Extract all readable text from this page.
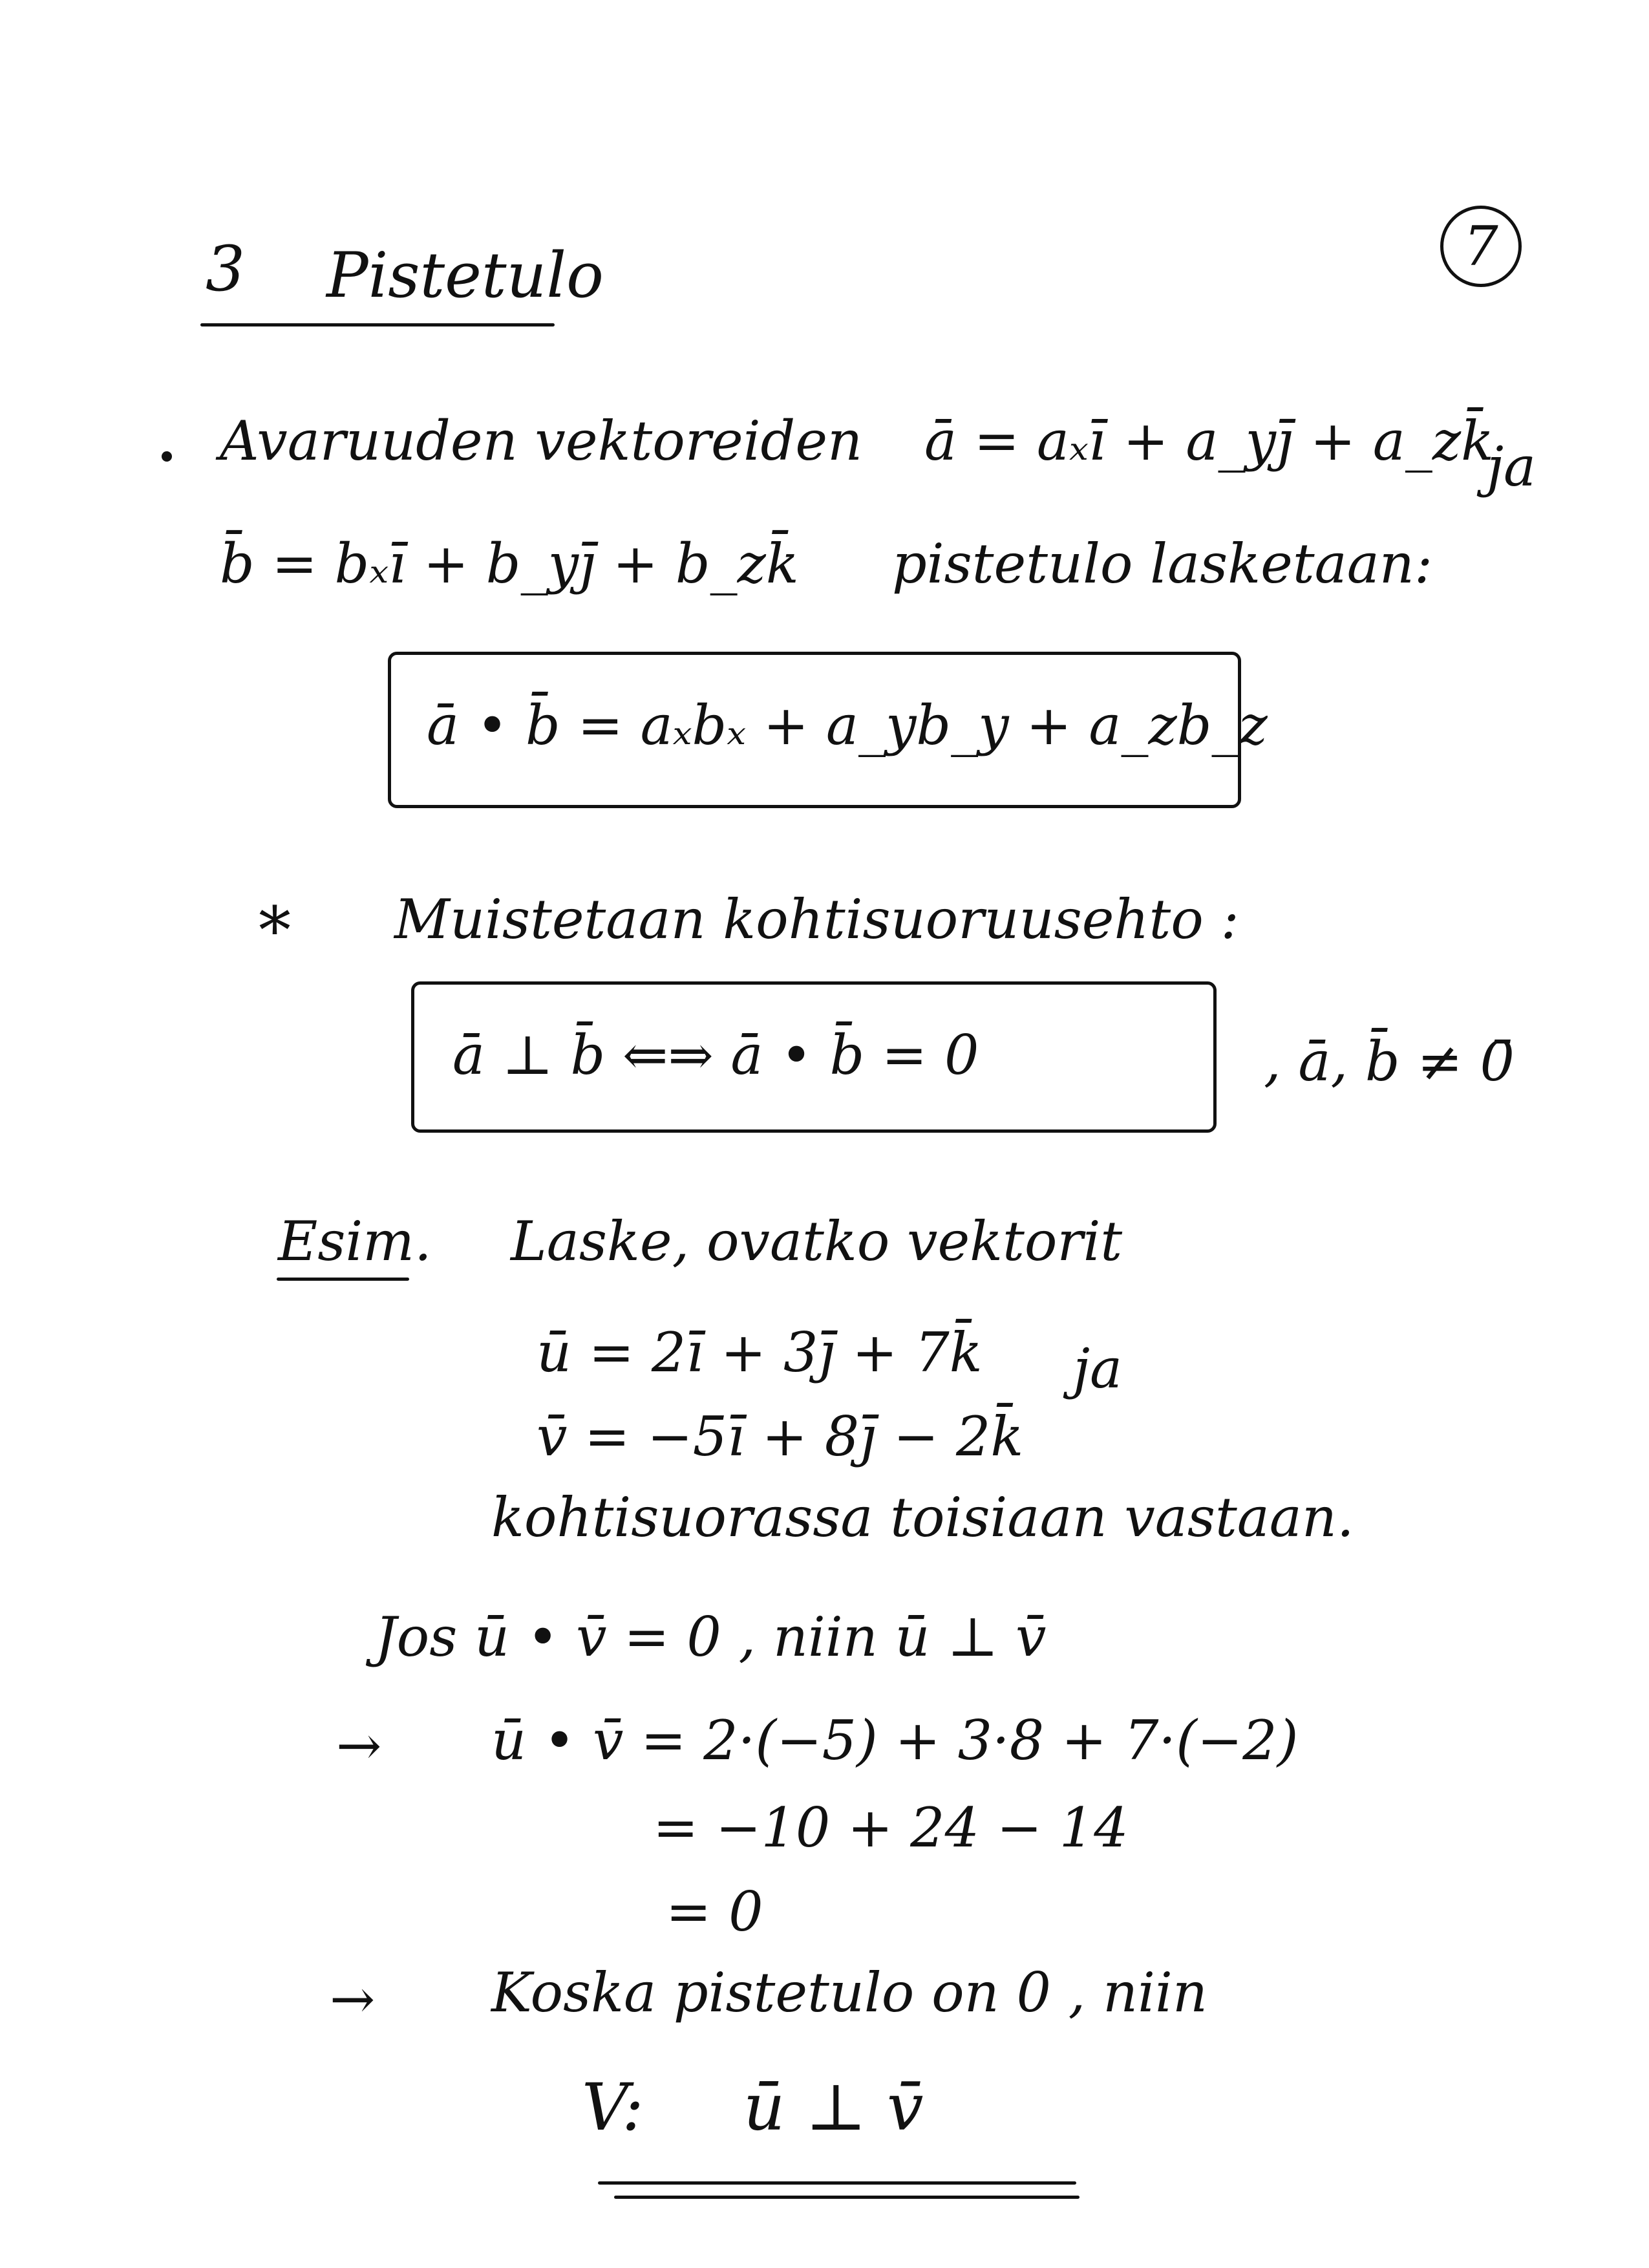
7
3 Pistetulo
Avaruuden vektoreiden ā = aₓī + a_yj̄ + a_zk̄
ja
b̄ = bₓī + b_yj̄ + b_zk̄ pistetulo lasketaan:
ā • b̄ = aₓbₓ + a_yb_y + a_zb_z
* Muistetaan kohtisuoruusehto :
ā ⊥ b̄ ⇐⇒ ā • b̄ = 0	, ā, b̄ ≠ 0̄
Esim. Laske, ovatko vektorit
ū = 2ī + 3j̄ + 7k̄ ja
v̄ = −5ī + 8j̄ − 2k̄
kohtisuorassa toisiaan vastaan.
Jos ū • v̄ = 0 , niin ū ⊥ v̄
→ ū • v̄ = 2·(−5) + 3·8 + 7·(−2)
= −10 + 24 − 14
= 0
→ Koska pistetulo on 0 , niin
V: ū ⊥ v̄
